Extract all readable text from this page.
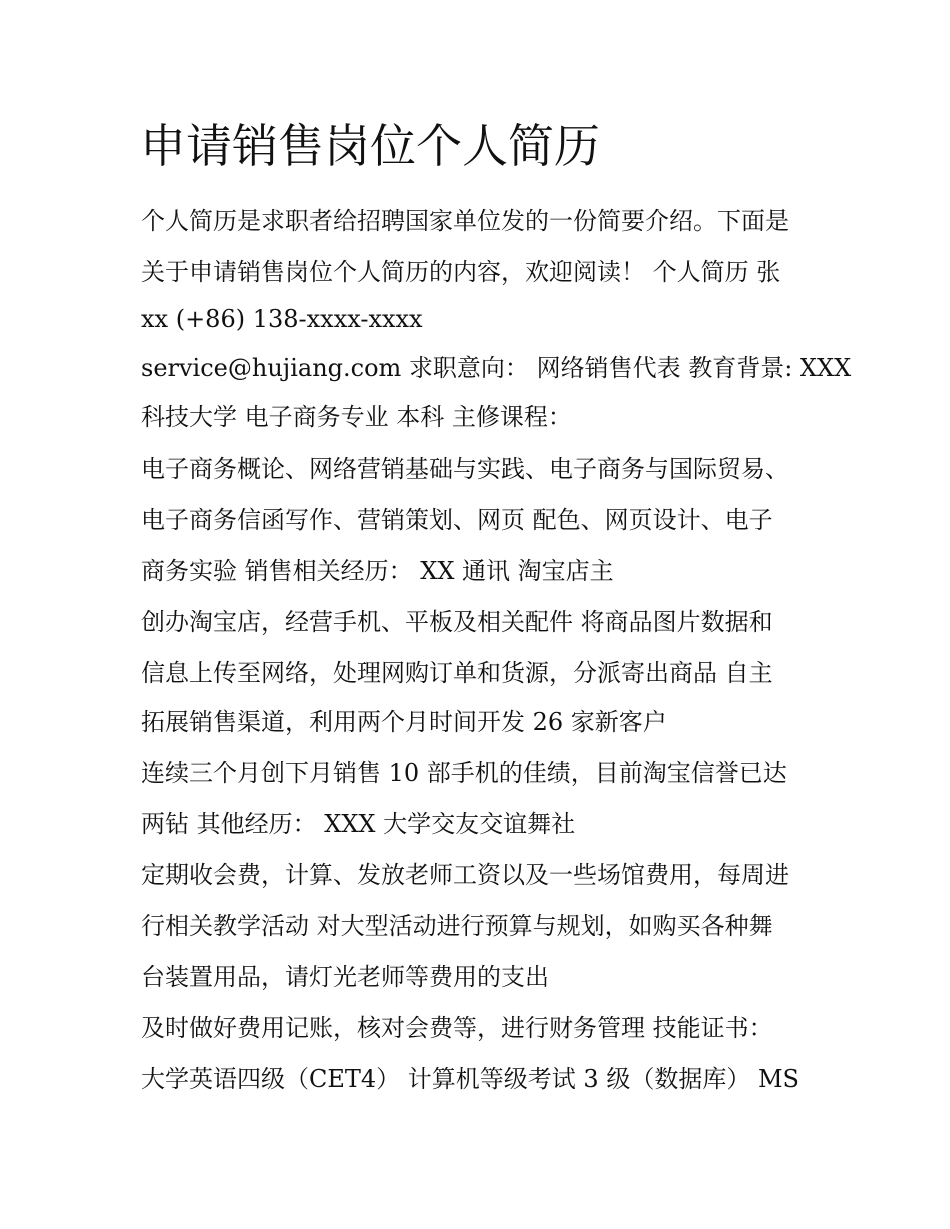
申请销售岗位个人简历
个人简历是求职者给招聘国家单位发的一份简要介绍。下面是
关于申请销售岗位个人简历的内容，欢迎阅读！ 个人简历 张
xx (+86) 138-xxxx-xxxx
service@hujiang.com 求职意向： 网络销售代表 教育背景: XXX
科技大学 电子商务专业 本科 主修课程：
电子商务概论、网络营销基础与实践、电子商务与国际贸易、
电子商务信函写作、营销策划、网页 配色、网页设计、电子
商务实验 销售相关经历： XX 通讯 淘宝店主
创办淘宝店，经营手机、平板及相关配件 将商品图片数据和
信息上传至网络，处理网购订单和货源，分派寄出商品 自主
拓展销售渠道，利用两个月时间开发 26 家新客户
连续三个月创下月销售 10 部手机的佳绩，目前淘宝信誉已达
两钻 其他经历： XXX 大学交友交谊舞社
定期收会费，计算、发放老师工资以及一些场馆费用，每周进
行相关教学活动 对大型活动进行预算与规划，如购买各种舞
台装置用品，请灯光老师等费用的支出
及时做好费用记账，核对会费等，进行财务管理 技能证书：
大学英语四级（CET4） 计算机等级考试 3 级（数据库） MS
